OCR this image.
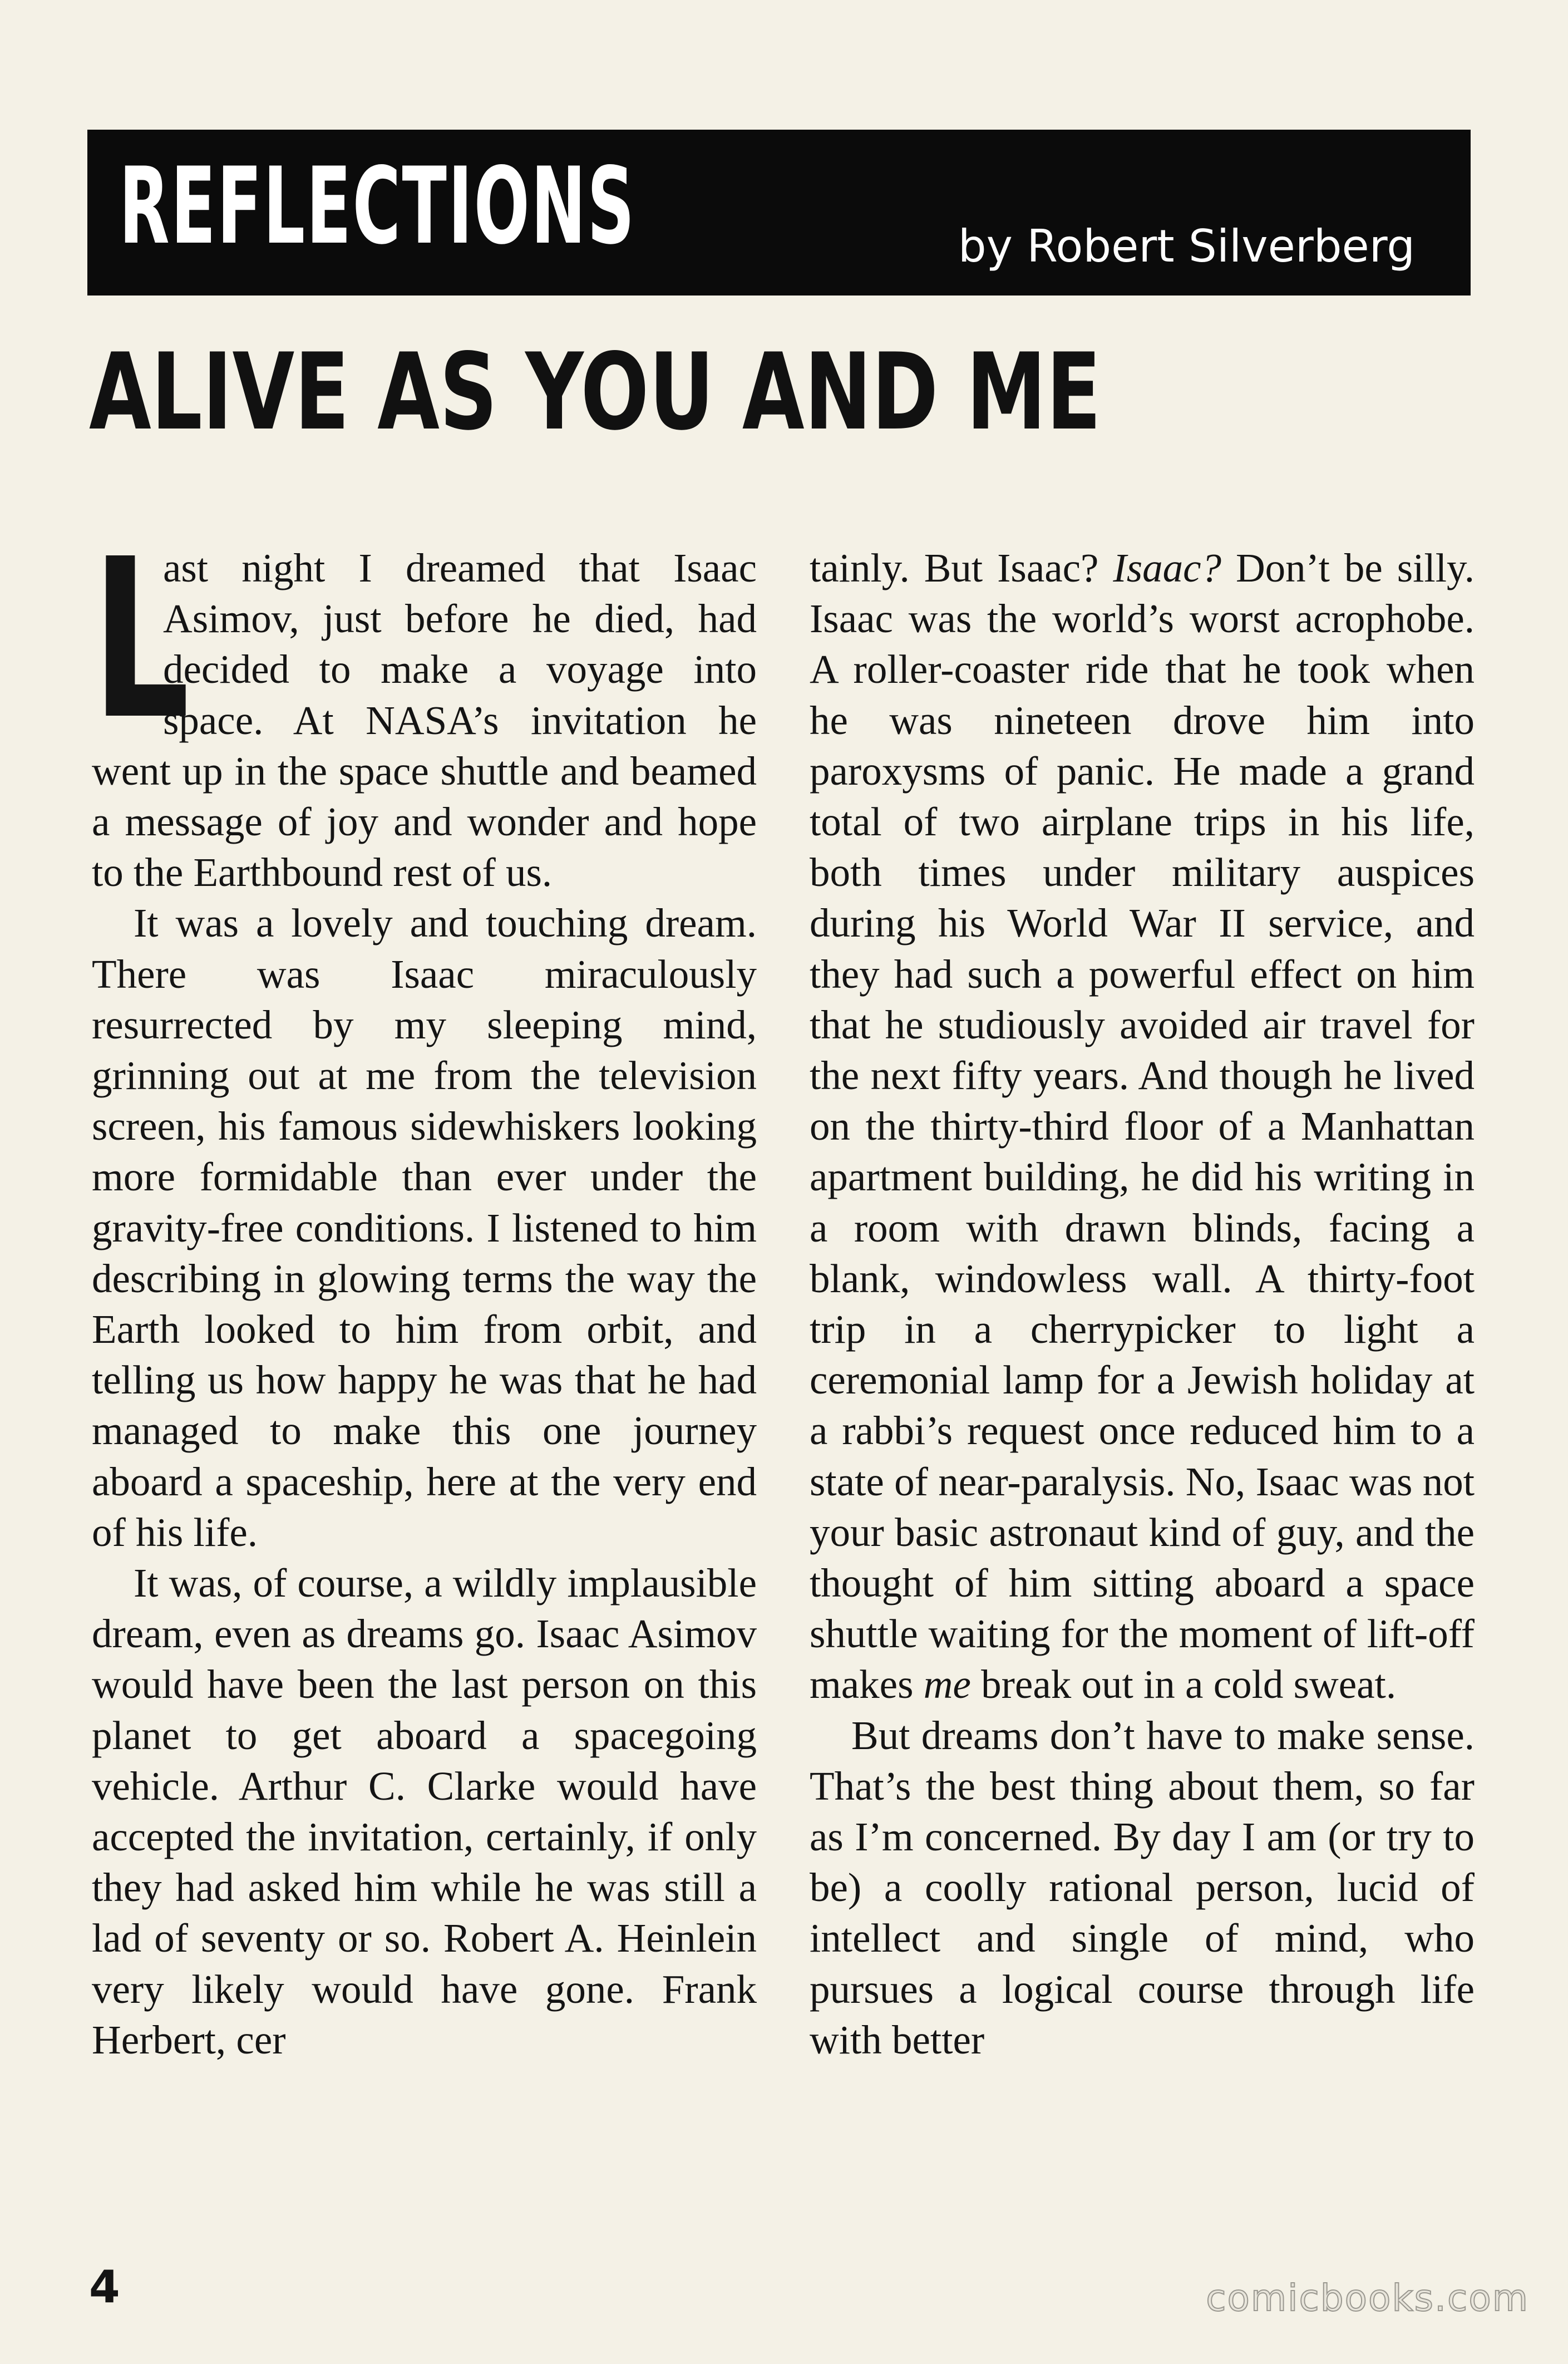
REFLECTIONS	by Robert Silverberg
ALIVE AS YOU AND ME

L
ast night I dreamed that Isaac Asimov, just before he died, had decided to make a voyage into space. At NASA’s invitation he went up in the space shuttle and beamed a message of joy and wonder and hope to the Earthbound rest of us.

It was a lovely and touching dream. There was Isaac miraculously resurrected by my sleeping mind, grinning out at me from the television screen, his famous sidewhiskers looking more formidable than ever under the gravity-free conditions. I listened to him describing in glowing terms the way the Earth looked to him from orbit, and telling us how happy he was that he had managed to make this one journey aboard a spaceship, here at the very end of his life.

It was, of course, a wildly implausible dream, even as dreams go. Isaac Asimov would have been the last person on this planet to get aboard a spacegoing vehicle. Arthur C. Clarke would have accepted the invitation, certainly, if only they had asked him while he was still a lad of seventy or so. Robert A. Heinlein very likely would have gone. Frank Herbert, cer

tainly. But Isaac? Isaac? Don’t be silly. Isaac was the world’s worst acrophobe. A roller-coaster ride that he took when he was nineteen drove him into paroxysms of panic. He made a grand total of two airplane trips in his life, both times under military auspices during his World War II service, and they had such a powerful effect on him that he studiously avoided air travel for the next fifty years. And though he lived on the thirty-third floor of a Manhattan apartment building, he did his writing in a room with drawn blinds, facing a blank, windowless wall. A thirty-foot trip in a cherrypicker to light a ceremonial lamp for a Jewish holiday at a rabbi’s request once reduced him to a state of near-paralysis. No, Isaac was not your basic astronaut kind of guy, and the thought of him sitting aboard a space shuttle waiting for the moment of lift-off makes me break out in a cold sweat.

But dreams don’t have to make sense. That’s the best thing about them, so far as I’m concerned. By day I am (or try to be) a coolly rational person, lucid of intellect and single of mind, who pursues a logical course through life with better

4	comicbooks.com
